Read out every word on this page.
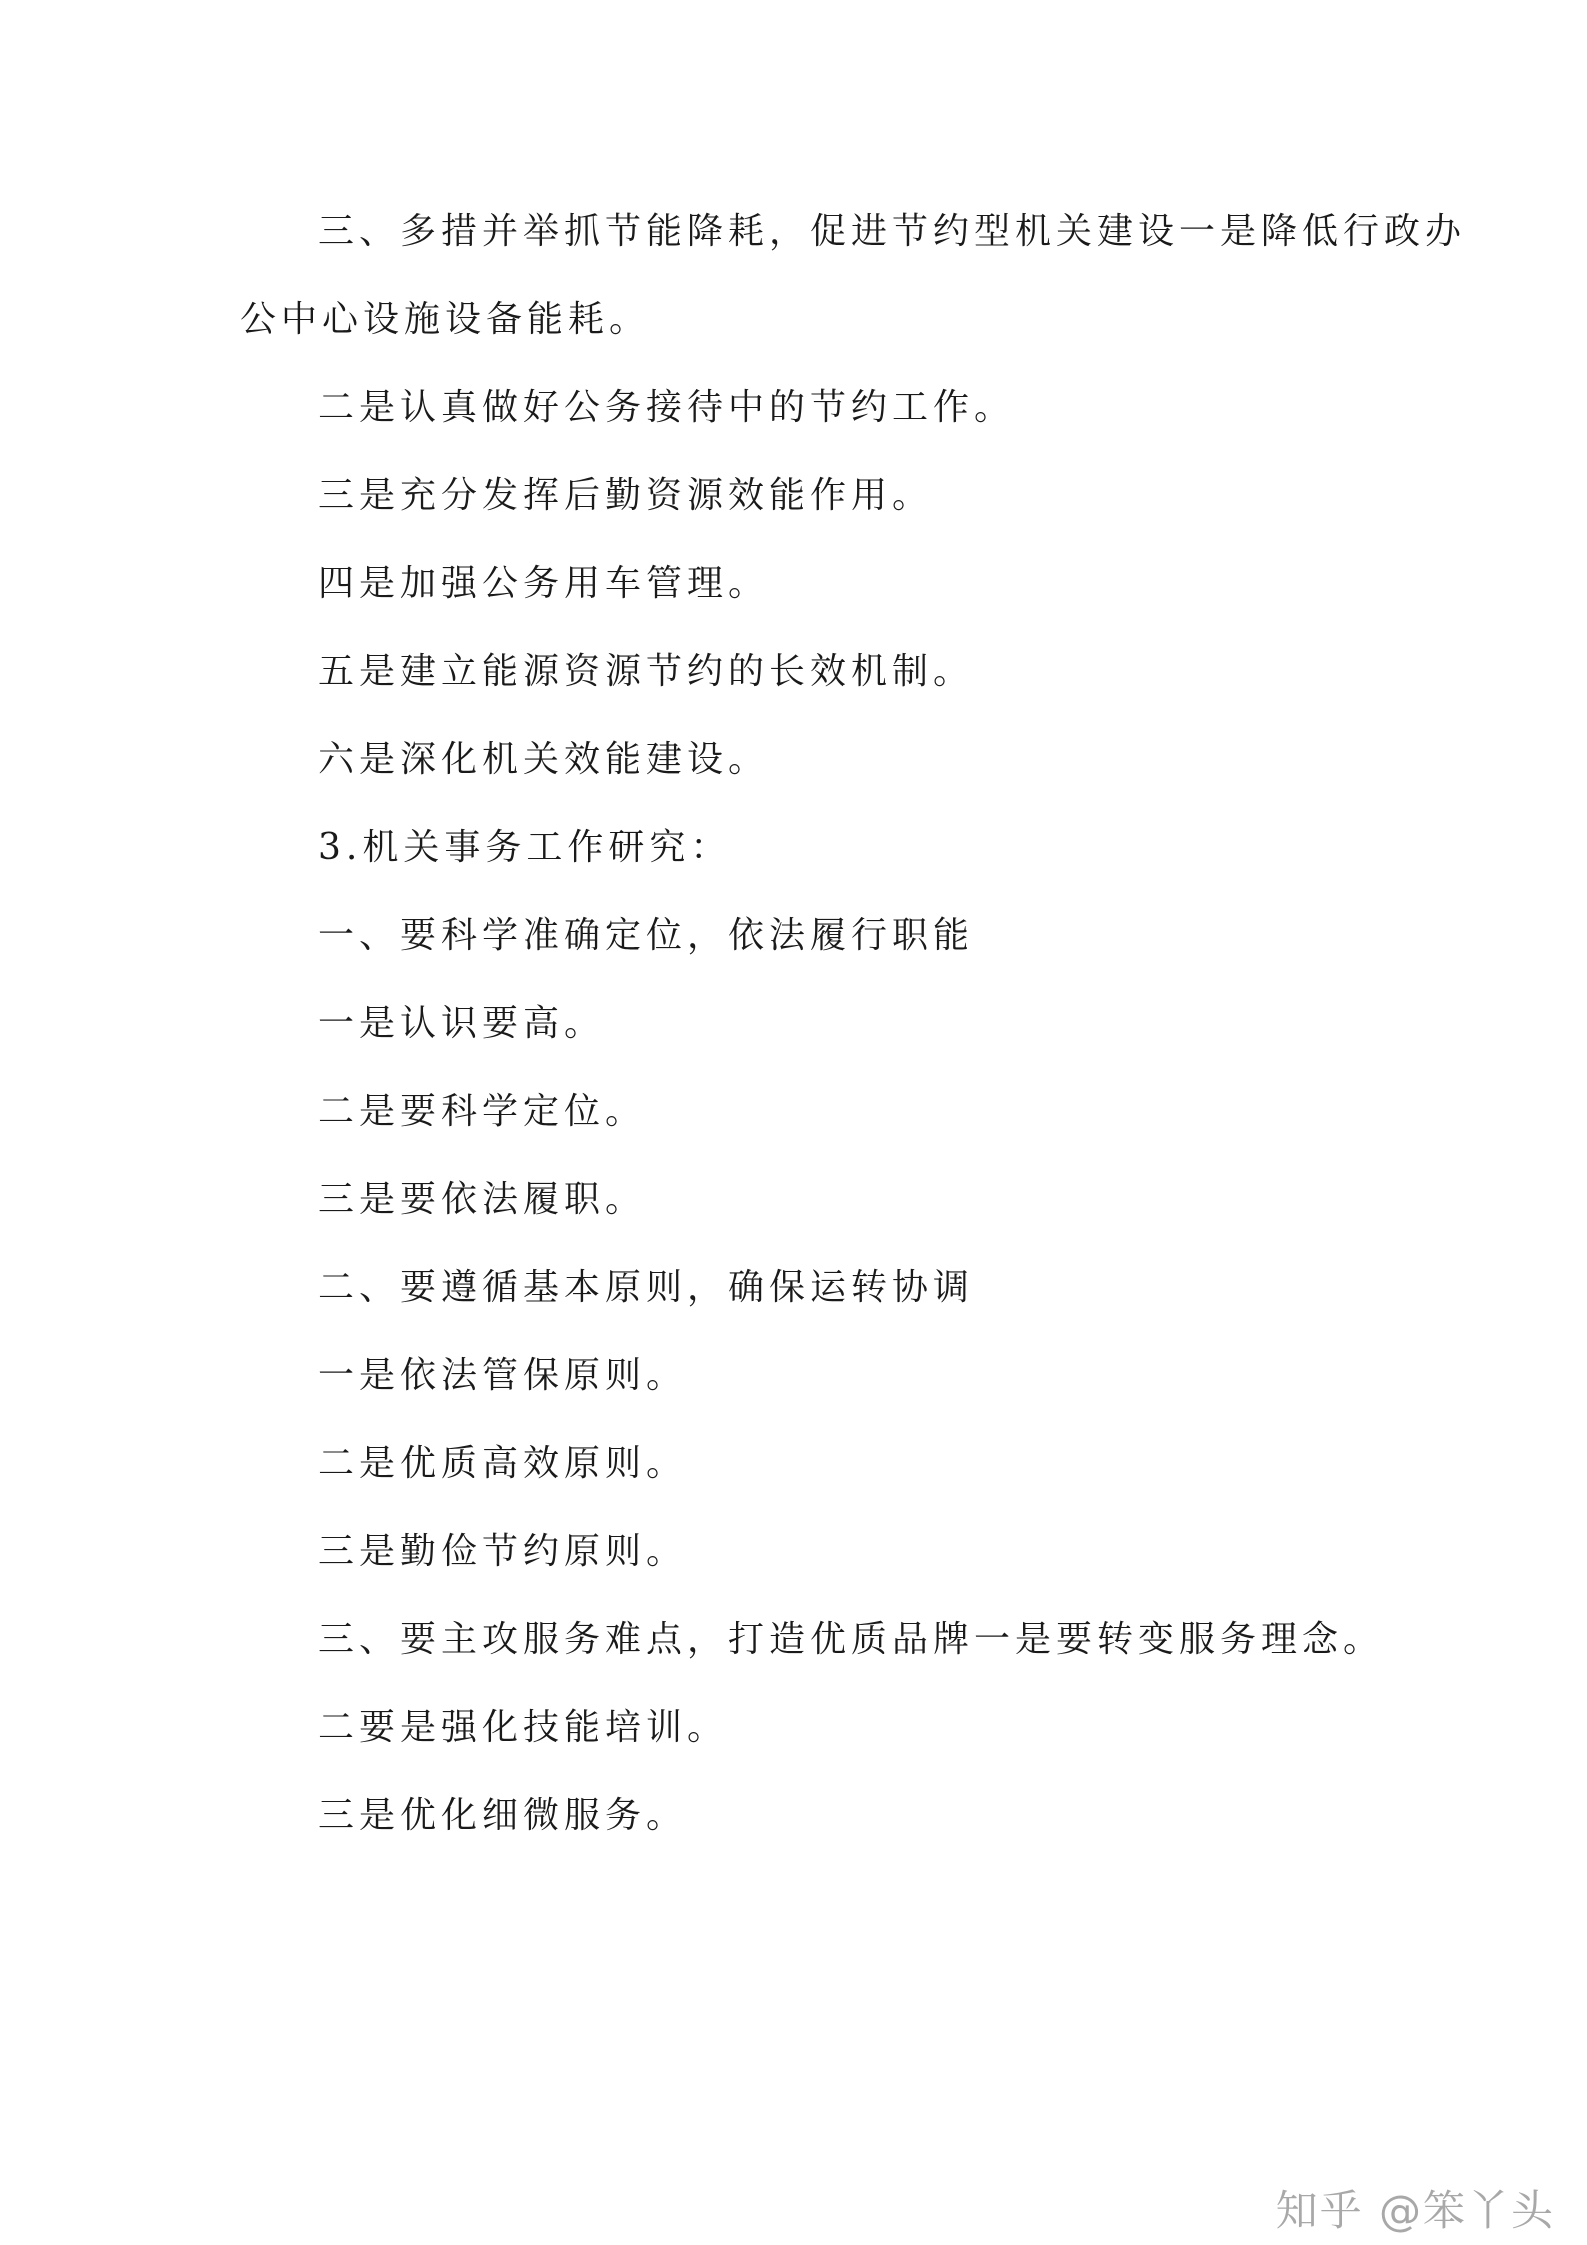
三、多措并举抓节能降耗，促进节约型机关建设一是降低行政办

公中心设施设备能耗。

二是认真做好公务接待中的节约工作。

三是充分发挥后勤资源效能作用。

四是加强公务用车管理。

五是建立能源资源节约的长效机制。

六是深化机关效能建设。

3.机关事务工作研究：

一、要科学准确定位，依法履行职能

一是认识要高。

二是要科学定位。

三是要依法履职。

二、要遵循基本原则，确保运转协调

一是依法管保原则。

二是优质高效原则。

三是勤俭节约原则。

三、要主攻服务难点，打造优质品牌一是要转变服务理念。

二要是强化技能培训。

三是优化细微服务。

知乎 @笨丫头
